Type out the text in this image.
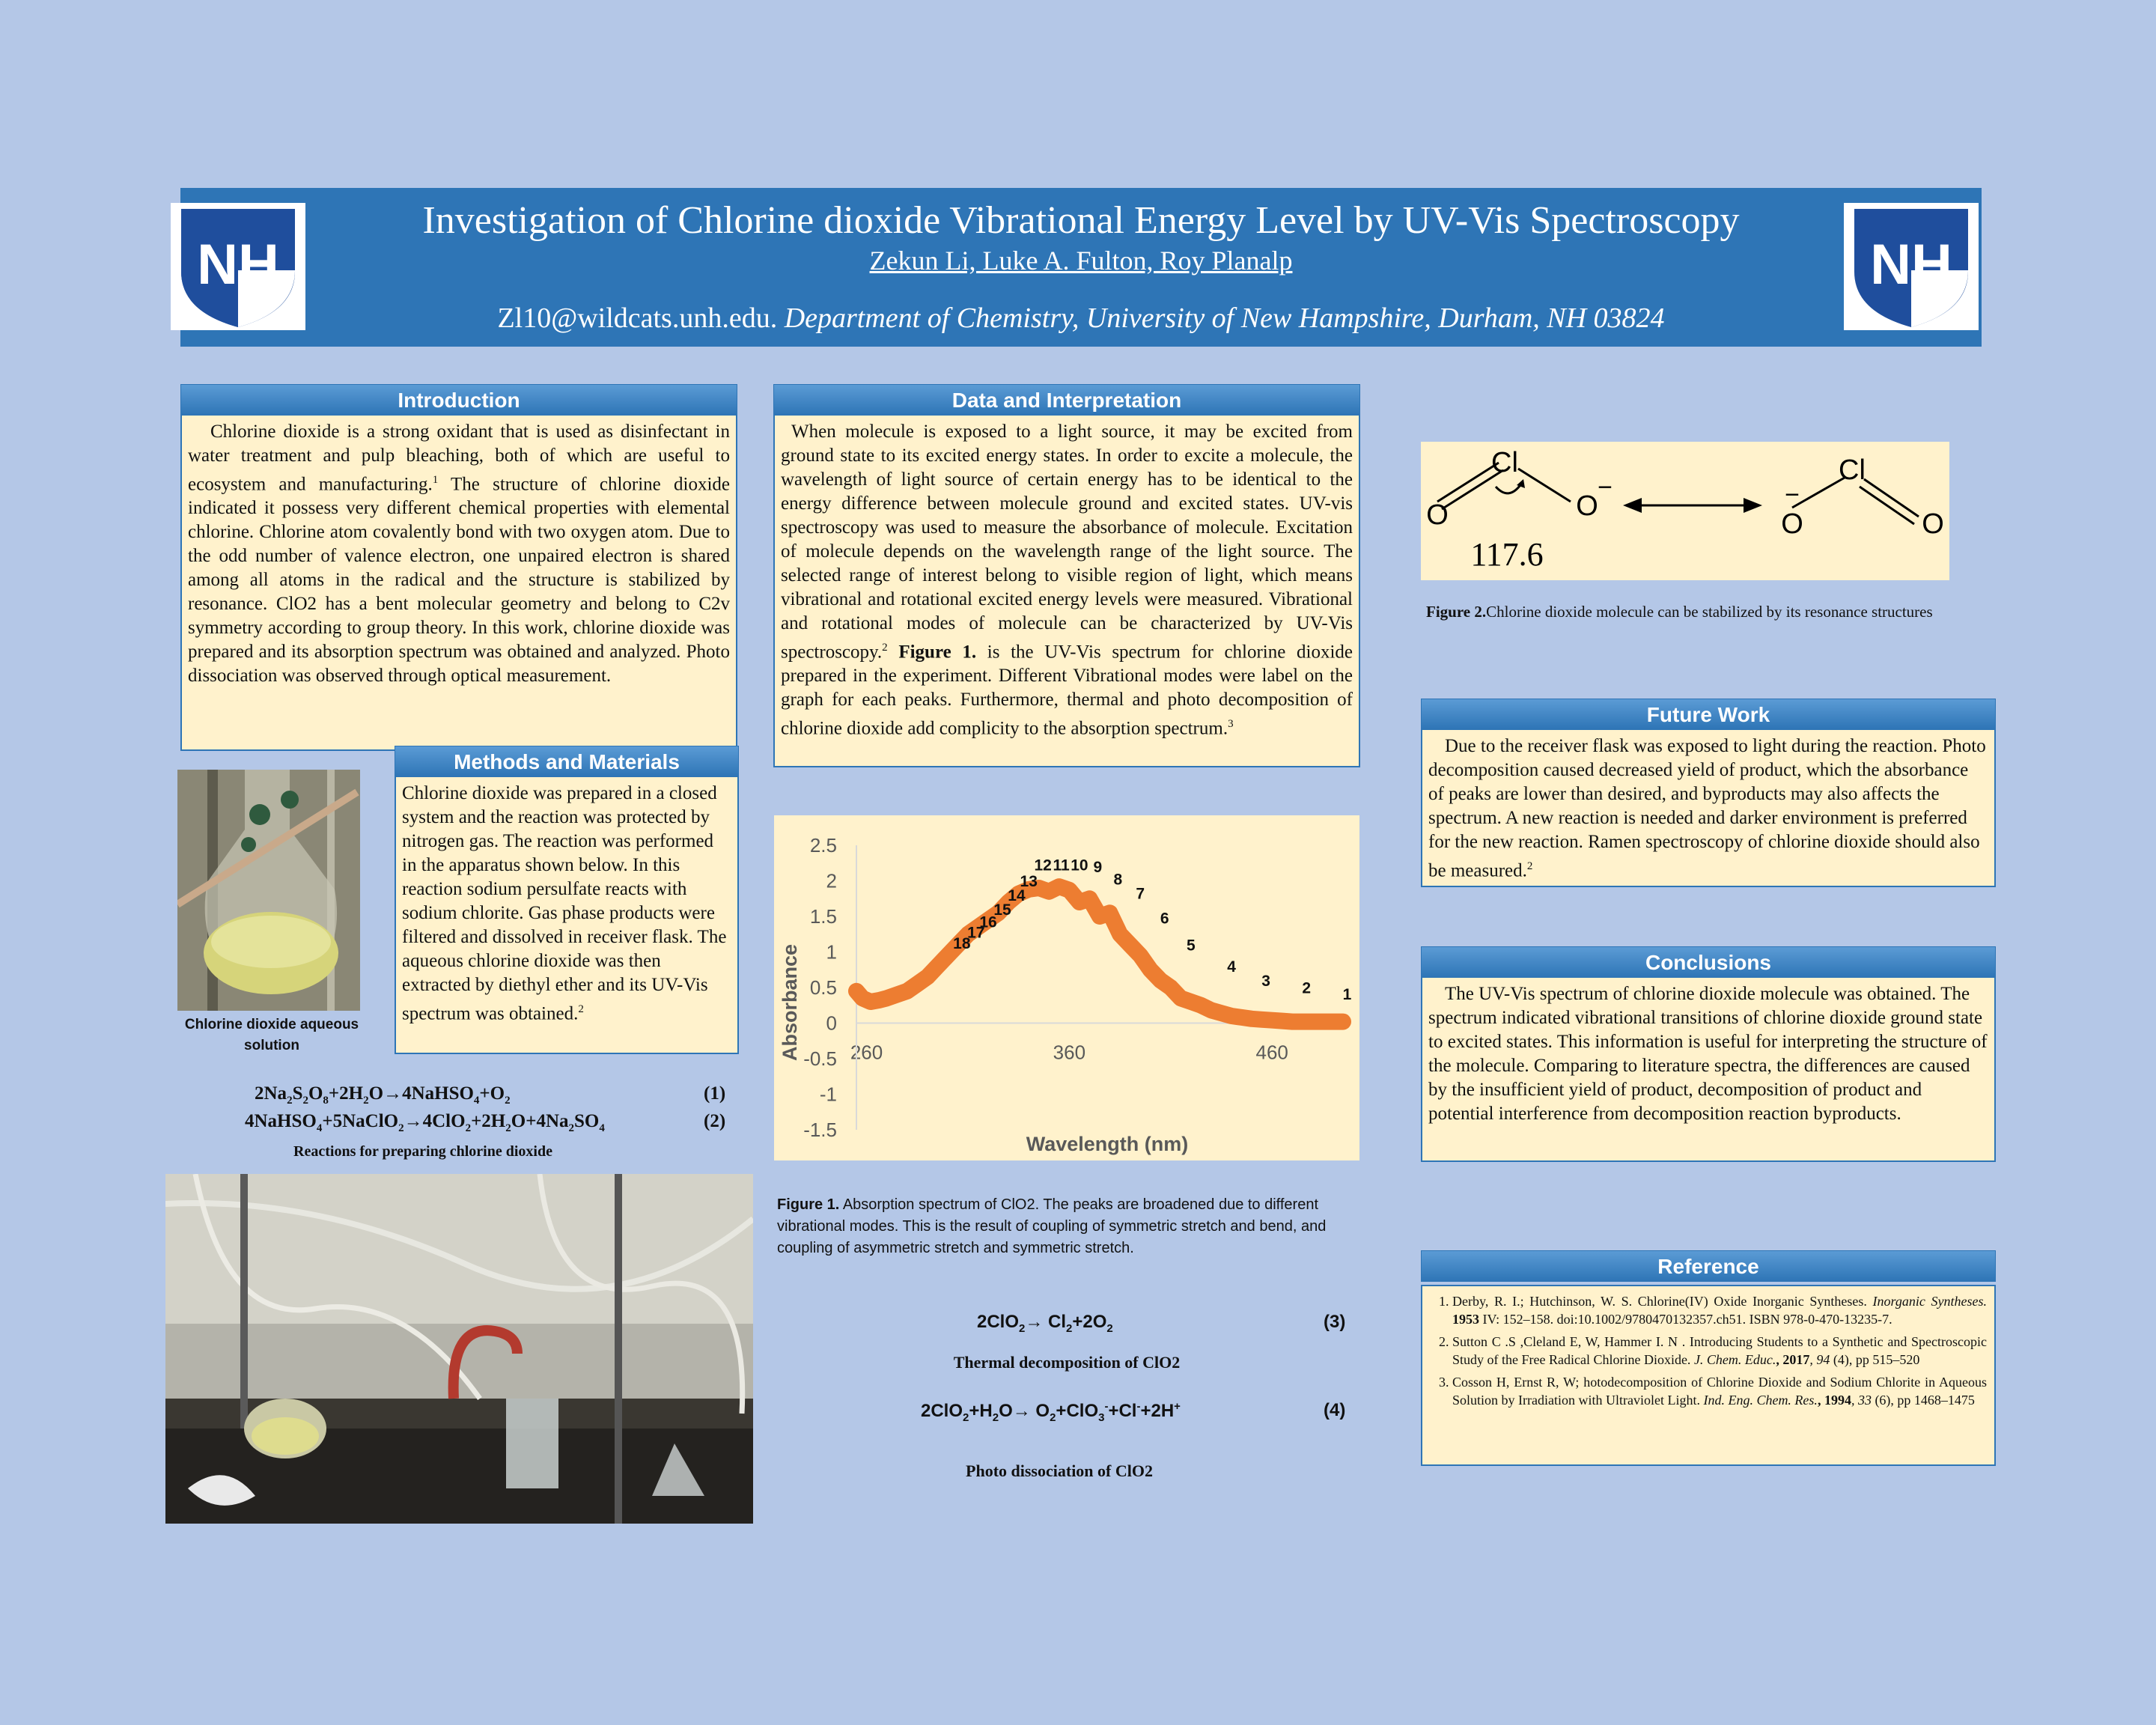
NH	NH
Investigation of Chlorine dioxide Vibrational Energy Level by UV-Vis Spectroscopy
Zekun Li, Luke A. Fulton, Roy Planalp
Zl10@wildcats.unh.edu. Department of Chemistry, University of New Hampshire, Durham, NH 03824
Introduction
Chlorine dioxide is a strong oxidant that is used as disinfectant in water treatment and pulp bleaching, both of which are useful to ecosystem and manufacturing.$^1$ The structure of chlorine dioxide indicated it possess very different chemical properties with elemental chlorine. Chlorine atom covalently bond with two oxygen atom. Due to the odd number of valence electron, one unpaired electron is shared among all atoms in the radical and the structure is stabilized by resonance. ClO2 has a bent molecular geometry and belong to C2v symmetry according to group theory. In this work, chlorine dioxide was prepared and its absorption spectrum was obtained and analyzed. Photo dissociation was observed through optical measurement.
Chlorine dioxide aqueous solution
Methods and Materials
Chlorine dioxide was prepared in a closed system and the reaction was protected by nitrogen gas. The reaction was performed in the apparatus shown below. In this reaction sodium persulfate reacts with sodium chlorite. Gas phase products were filtered and dissolved in receiver flask. The aqueous chlorine dioxide was then extracted by diethyl ether and its UV-Vis spectrum was obtained.$^2$
$2Na_2S_2O_8+2H_2O\to 4NaHSO_4+O_2$	(1)
$4NaHSO_4+5NaClO_2\to 4ClO_2+2H_2O+4Na_2SO_4$	(2)
Reactions for preparing chlorine dioxide
Data and Interpretation
When molecule is exposed to a light source, it may be excited from ground state to its excited energy states. In order to excite a molecule, the wavelength of light source of certain energy has to be identical to the energy difference between molecule ground and excited states. UV-vis spectroscopy was used to measure the absorbance of molecule. Excitation of molecule depends on the wavelength range of the light source. The selected range of interest belong to visible region of light, which means vibrational and rotational excited energy levels were measured. Vibrational and rotational modes of molecule can be characterized by UV-Vis spectroscopy.$^2$ Figure 1. is the UV-Vis spectrum for chlorine dioxide prepared in the experiment. Different Vibrational modes were label on the graph for each peaks. Furthermore, thermal and photo decomposition of chlorine dioxide add complicity to the absorption spectrum.$^3$
2.5
2
1.5
1
0.5
0
-0.5
-1
-1.5
260	360	460
18
17
16
15
14
13
12 11 10 9
8
7
6
5
4
3 2 1
Absorbance
Wavelength (nm)
Figure 1. Absorption spectrum of ClO2. The peaks are broadened due to different vibrational modes. This is the result of coupling of symmetric stretch and bend, and coupling of asymmetric stretch and symmetric stretch.
$2ClO_2\to Cl_2+2O_2$	(3)
Thermal decomposition of ClO2
$2ClO_2+H_2O\to O_2+ClO_3^-+Cl^-+2H^+$	(4)
Photo dissociation of ClO2
Cl
O	O
−
117.6
Cl
O
−
O
Figure 2.Chlorine dioxide molecule can be stabilized by its resonance structures
Future Work
Due to the receiver flask was exposed to light during the reaction. Photo decomposition caused decreased yield of product, which the absorbance of peaks are lower than desired, and byproducts may also affects the spectrum. A new reaction is needed and darker environment is preferred for the new reaction. Ramen spectroscopy of chlorine dioxide should also be measured.$^2$
Conclusions
The UV-Vis spectrum of chlorine dioxide molecule was obtained. The spectrum indicated vibrational transitions of chlorine dioxide ground state to excited states. This information is useful for interpreting the structure of the molecule. Comparing to literature spectra, the differences are caused by the insufficient yield of product, decomposition of product and potential interference from decomposition reaction byproducts.
Reference
1. Derby, R. I.; Hutchinson, W. S. Chlorine(IV) Oxide Inorganic Syntheses. Inorganic Syntheses. 1953 IV: 152–158. doi:10.1002/9780470132357.ch51. ISBN 978-0-470-13235-7.
2. Sutton C .S ,Cleland E, W, Hammer I. N . Introducing Students to a Synthetic and Spectroscopic Study of the Free Radical Chlorine Dioxide. J. Chem. Educ., 2017, 94 (4), pp 515–520
3. Cosson H, Ernst R, W; hotodecomposition of Chlorine Dioxide and Sodium Chlorite in Aqueous Solution by Irradiation with Ultraviolet Light. Ind. Eng. Chem. Res., 1994, 33 (6), pp 1468–1475
